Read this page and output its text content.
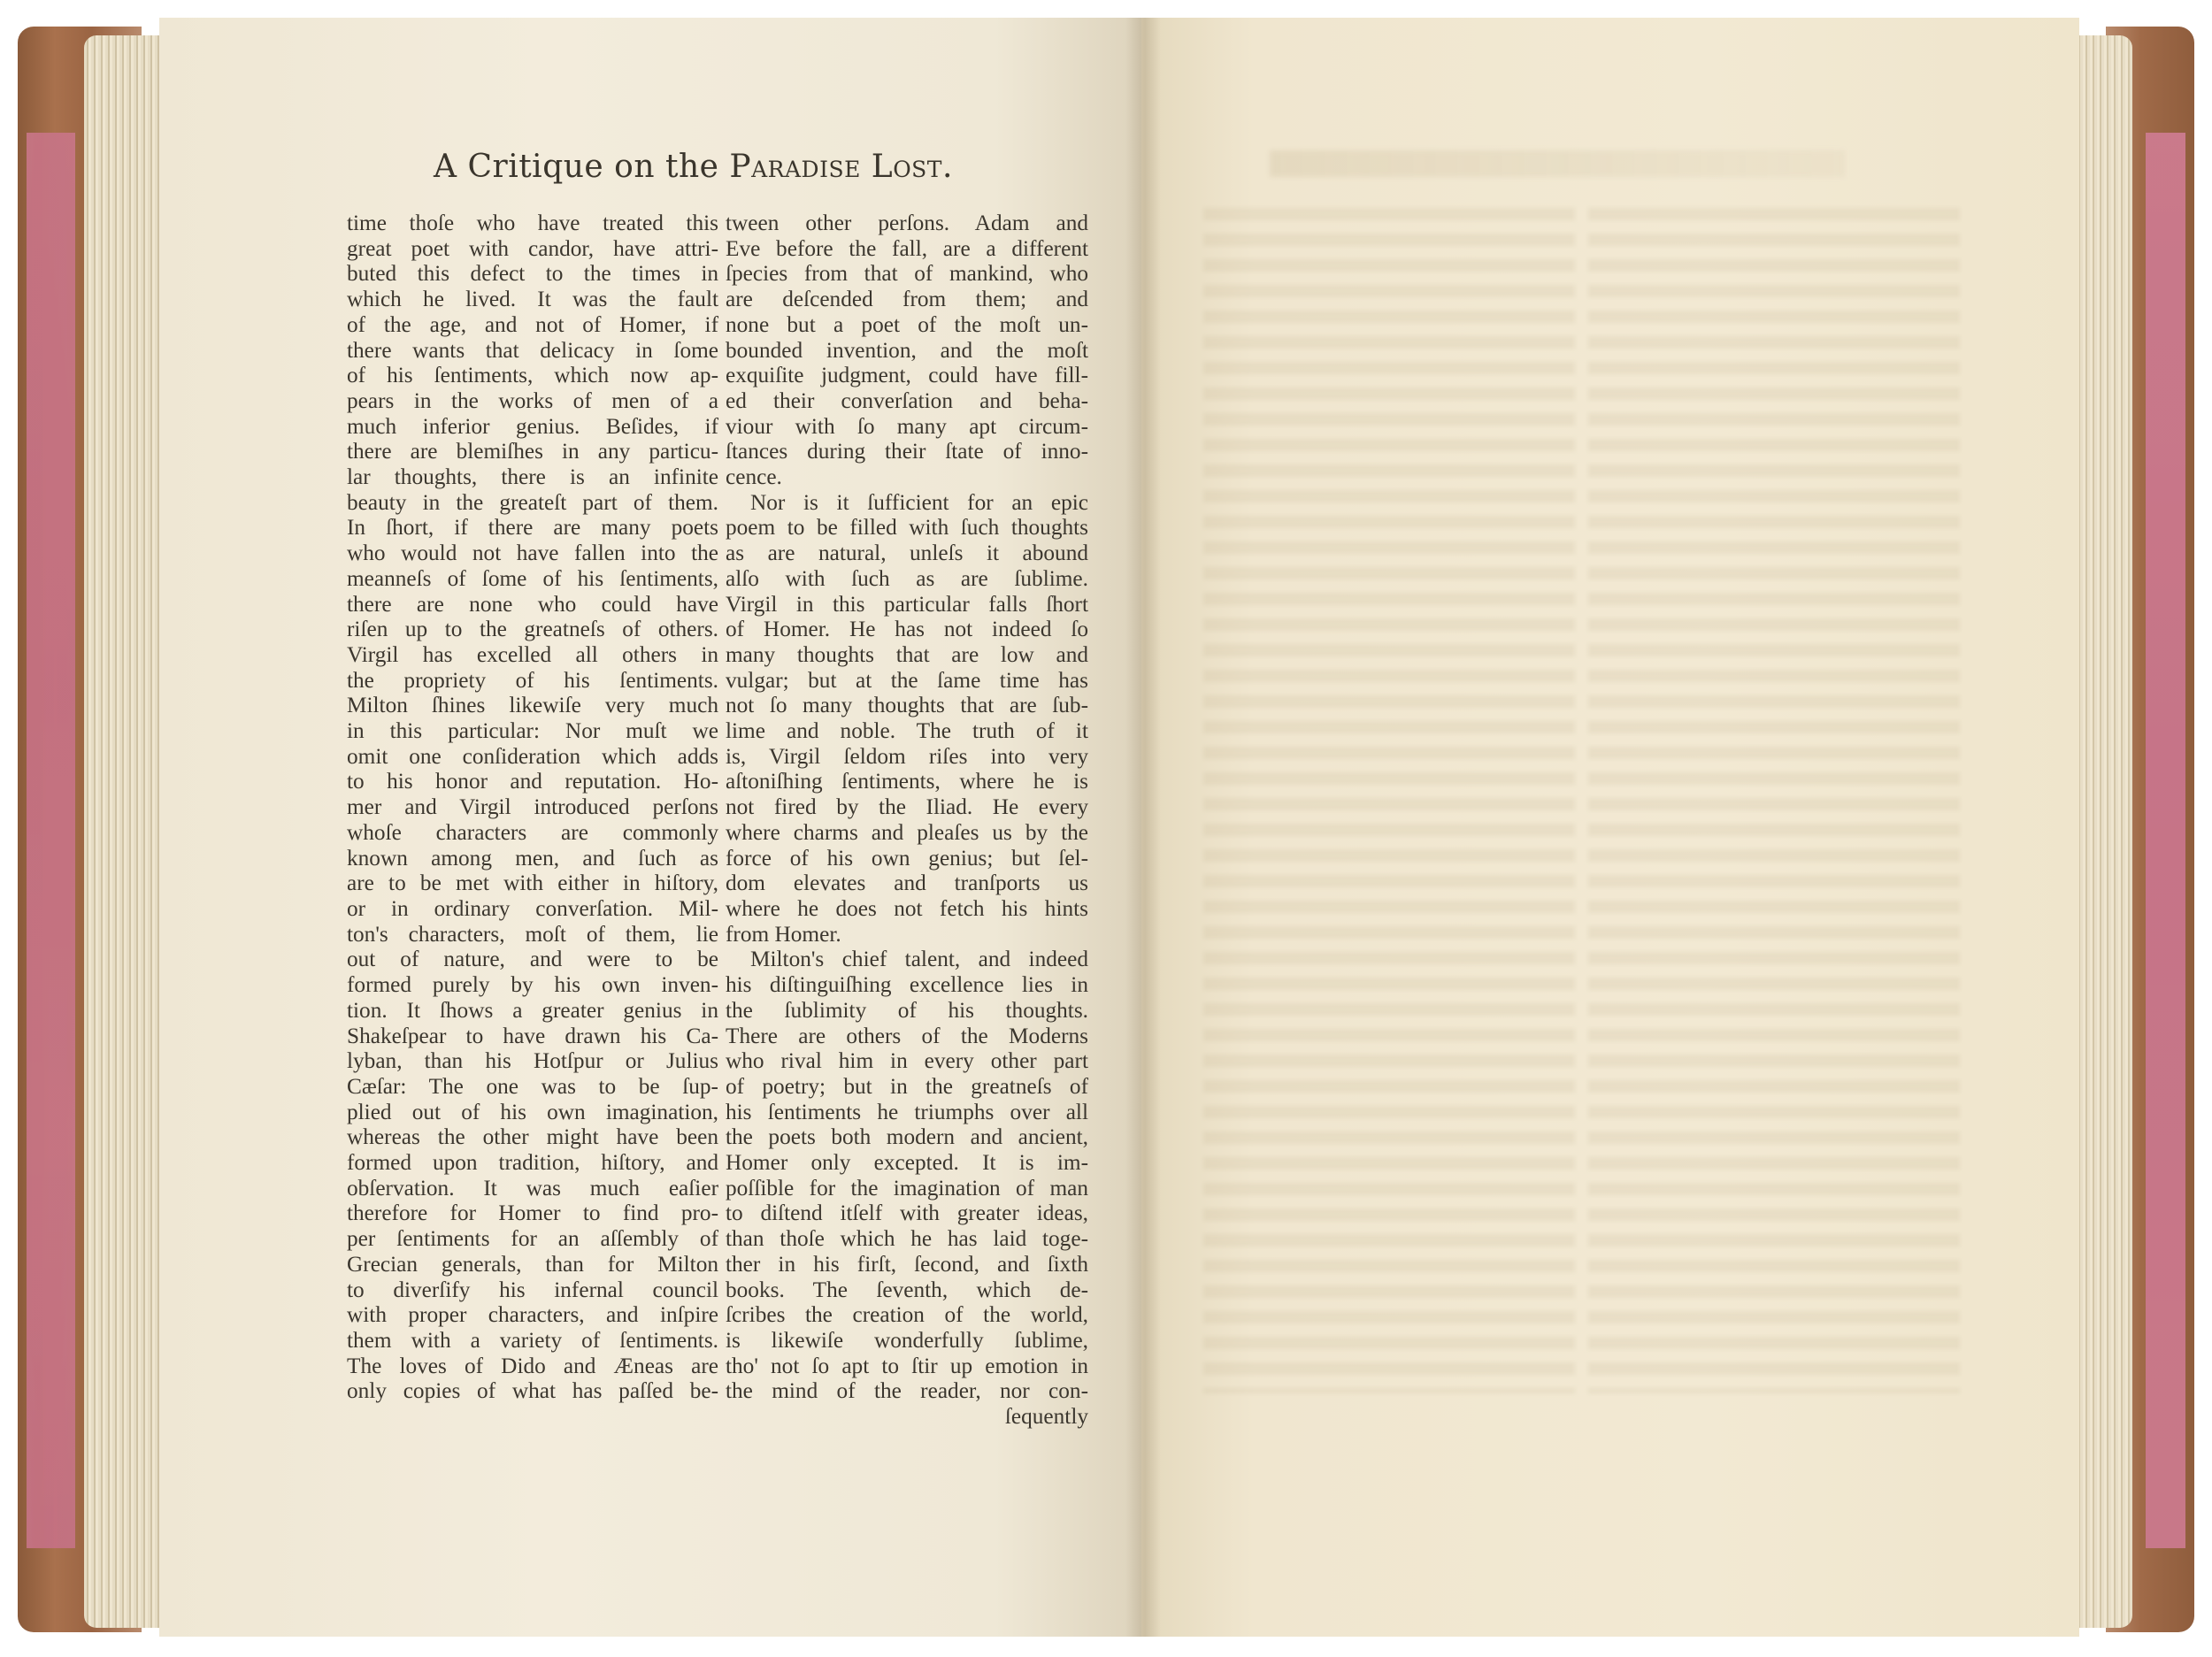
A Critique on the Paradise Lost.
time thoſe who have treated this
great poet with candor, have attri-
buted this defect to the times in
which he lived. It was the fault
of the age, and not of Homer, if
there wants that delicacy in ſome
of his ſentiments, which now ap-
pears in the works of men of a
much inferior genius. Beſides, if
there are blemiſhes in any particu-
lar thoughts, there is an infinite
beauty in the greateſt part of them.
In ſhort, if there are many poets
who would not have fallen into the
meanneſs of ſome of his ſentiments,
there are none who could have
riſen up to the greatneſs of others.
Virgil has excelled all others in
the propriety of his ſentiments.
Milton ſhines likewiſe very much
in this particular: Nor muſt we
omit one conſideration which adds
to his honor and reputation. Ho-
mer and Virgil introduced perſons
whoſe characters are commonly
known among men, and ſuch as
are to be met with either in hiſtory,
or in ordinary converſation. Mil-
ton's characters, moſt of them, lie
out of nature, and were to be
formed purely by his own inven-
tion. It ſhows a greater genius in
Shakeſpear to have drawn his Ca-
lyban, than his Hotſpur or Julius
Cæſar: The one was to be ſup-
plied out of his own imagination,
whereas the other might have been
formed upon tradition, hiſtory, and
obſervation. It was much eaſier
therefore for Homer to find pro-
per ſentiments for an aſſembly of
Grecian generals, than for Milton
to diverſify his infernal council
with proper characters, and inſpire
them with a variety of ſentiments.
The loves of Dido and Æneas are
only copies of what has paſſed be-
tween other perſons. Adam and
Eve before the fall, are a different
ſpecies from that of mankind, who
are deſcended from them; and
none but a poet of the moſt un-
bounded invention, and the moſt
exquiſite judgment, could have fill-
ed their converſation and beha-
viour with ſo many apt circum-
ſtances during their ſtate of inno-
cence.
Nor is it ſufficient for an epic
poem to be filled with ſuch thoughts
as are natural, unleſs it abound
alſo with ſuch as are ſublime.
Virgil in this particular falls ſhort
of Homer. He has not indeed ſo
many thoughts that are low and
vulgar; but at the ſame time has
not ſo many thoughts that are ſub-
lime and noble. The truth of it
is, Virgil ſeldom riſes into very
aſtoniſhing ſentiments, where he is
not fired by the Iliad. He every
where charms and pleaſes us by the
force of his own genius; but ſel-
dom elevates and tranſports us
where he does not fetch his hints
from Homer.
Milton's chief talent, and indeed
his diſtinguiſhing excellence lies in
the ſublimity of his thoughts.
There are others of the Moderns
who rival him in every other part
of poetry; but in the greatneſs of
his ſentiments he triumphs over all
the poets both modern and ancient,
Homer only excepted. It is im-
poſſible for the imagination of man
to diſtend itſelf with greater ideas,
than thoſe which he has laid toge-
ther in his firſt, ſecond, and ſixth
books. The ſeventh, which de-
ſcribes the creation of the world,
is likewiſe wonderfully ſublime,
tho' not ſo apt to ſtir up emotion in
the mind of the reader, nor con-
ſequently
